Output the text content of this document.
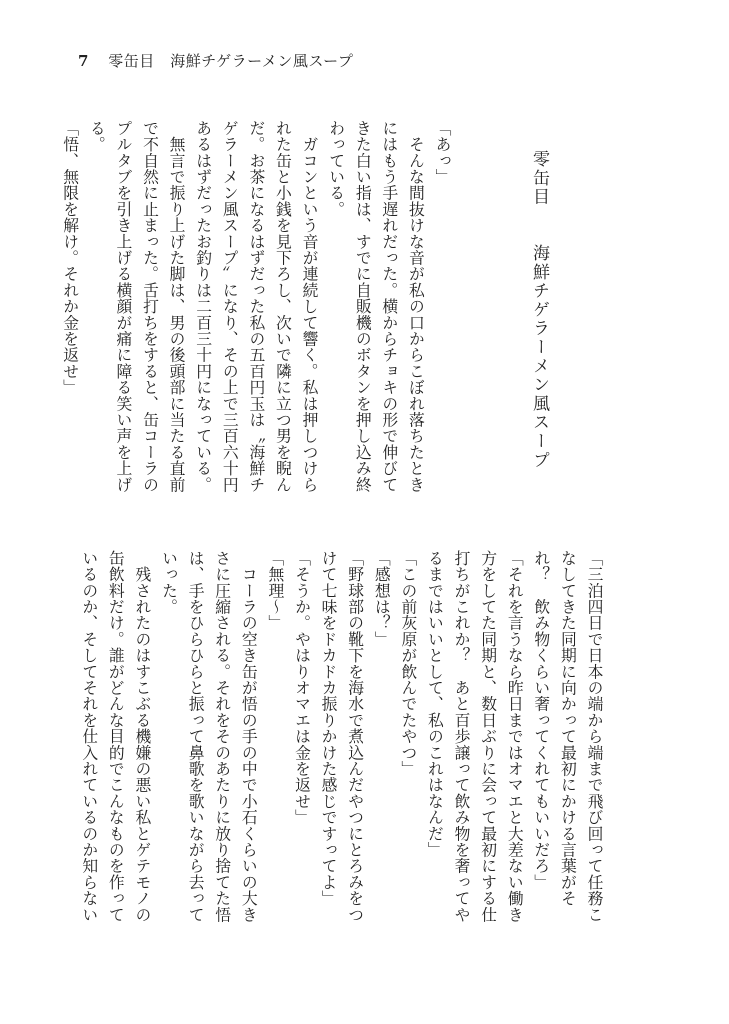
7 零缶目　海鮮チゲラーメン風スープ
零缶目　　海鮮チゲラーメン風スープ
「あっ」
　そんな間抜けな音が私の口からこぼれ落ちたとき
にはもう手遅れだった。横からチョキの形で伸びて
きた白い指は、すでに自販機のボタンを押し込み終
わっている。
　ガコンという音が連続して響く。私は押しつけら
れた缶と小銭を見下ろし、次いで隣に立つ男を睨ん
だ。お茶になるはずだった私の五百円玉は〝海鮮チ
ゲラーメン風スープ〟になり、その上で三百六十円
あるはずだったお釣りは二百三十円になっている。
　無言で振り上げた脚は、男の後頭部に当たる直前
で不自然に止まった。舌打ちをすると、缶コーラの
プルタブを引き上げる横顔が痛に障る笑い声を上げ
る。
「悟、無限を解け。それか金を返せ」
「三泊四日で日本の端から端まで飛び回って任務こ
なしてきた同期に向かって最初にかける言葉がそ
れ？　飲み物くらい奢ってくれてもいいだろ」
「それを言うなら昨日まではオマエと大差ない働き
方をしてた同期と、数日ぶりに会って最初にする仕
打ちがこれか？　あと百歩譲って飲み物を奢ってや
るまではいいとして、私のこれはなんだ」
「この前灰原が飲んでたやつ」
「感想は？」
「野球部の靴下を海水で煮込んだやつにとろみをつ
けて七味をドカドカ振りかけた感じですってよ」
「そうか。やはりオマエは金を返せ」
「無理〜」
　コーラの空き缶が悟の手の中で小石くらいの大き
さに圧縮される。それをそのあたりに放り捨てた悟
は、手をひらひらと振って鼻歌を歌いながら去って
いった。
　残されたのはすこぶる機嫌の悪い私とゲテモノの
缶飲料だけ。誰がどんな目的でこんなものを作って
いるのか、そしてそれを仕入れているのか知らない
